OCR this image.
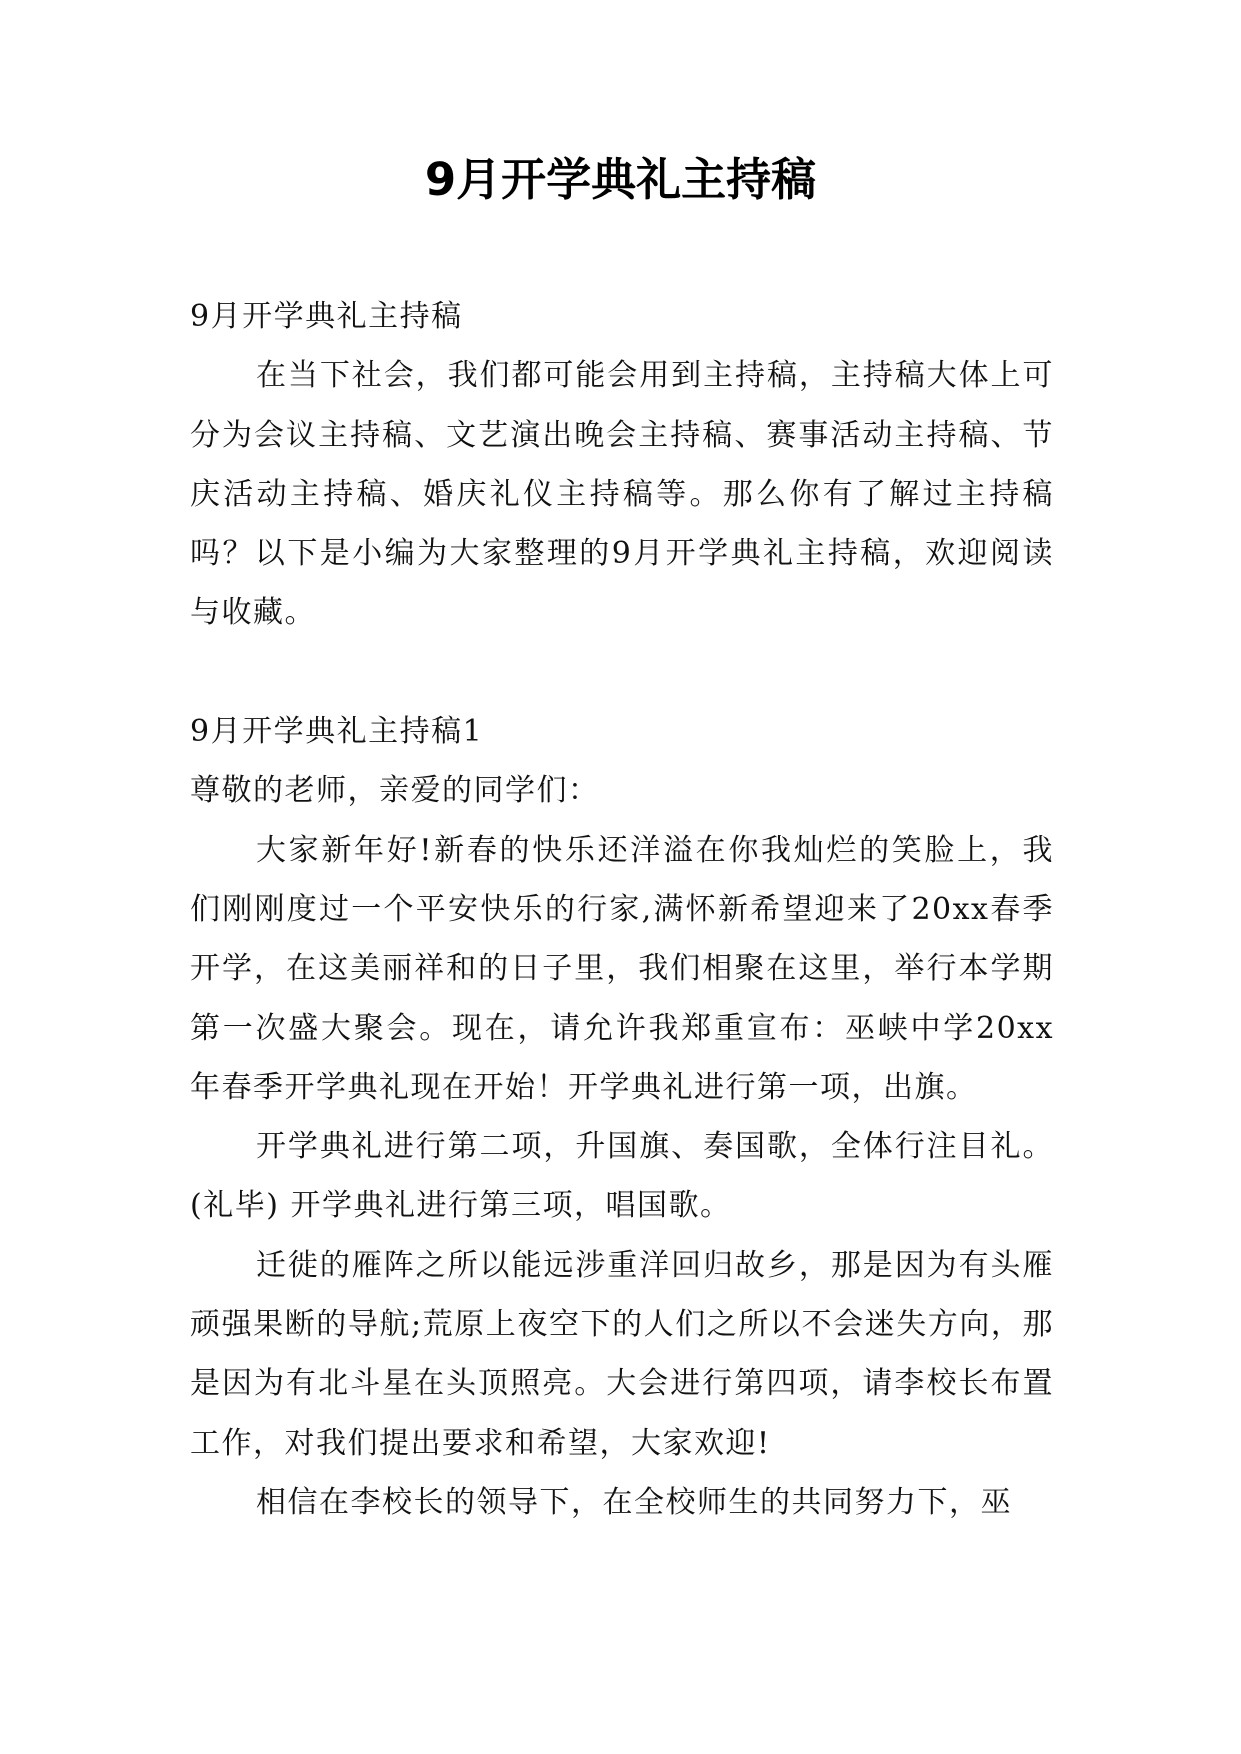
9月开学典礼主持稿

9月开学典礼主持稿

在当下社会，我们都可能会用到主持稿，主持稿大体上可分为会议主持稿、文艺演出晚会主持稿、赛事活动主持稿、节庆活动主持稿、婚庆礼仪主持稿等。那么你有了解过主持稿吗？以下是小编为大家整理的9月开学典礼主持稿，欢迎阅读与收藏。

9月开学典礼主持稿1

尊敬的老师，亲爱的同学们：

大家新年好!新春的快乐还洋溢在你我灿烂的笑脸上，我们刚刚度过一个平安快乐的行家,满怀新希望迎来了20xx春季开学，在这美丽祥和的日子里，我们相聚在这里，举行本学期第一次盛大聚会。现在，请允许我郑重宣布：巫峡中学20xx年春季开学典礼现在开始！开学典礼进行第一项，出旗。

开学典礼进行第二项，升国旗、奏国歌，全体行注目礼。(礼毕) 开学典礼进行第三项，唱国歌。

迁徙的雁阵之所以能远涉重洋回归故乡，那是因为有头雁顽强果断的导航;荒原上夜空下的人们之所以不会迷失方向，那是因为有北斗星在头顶照亮。大会进行第四项，请李校长布置工作，对我们提出要求和希望，大家欢迎!

相信在李校长的领导下，在全校师生的共同努力下，巫
